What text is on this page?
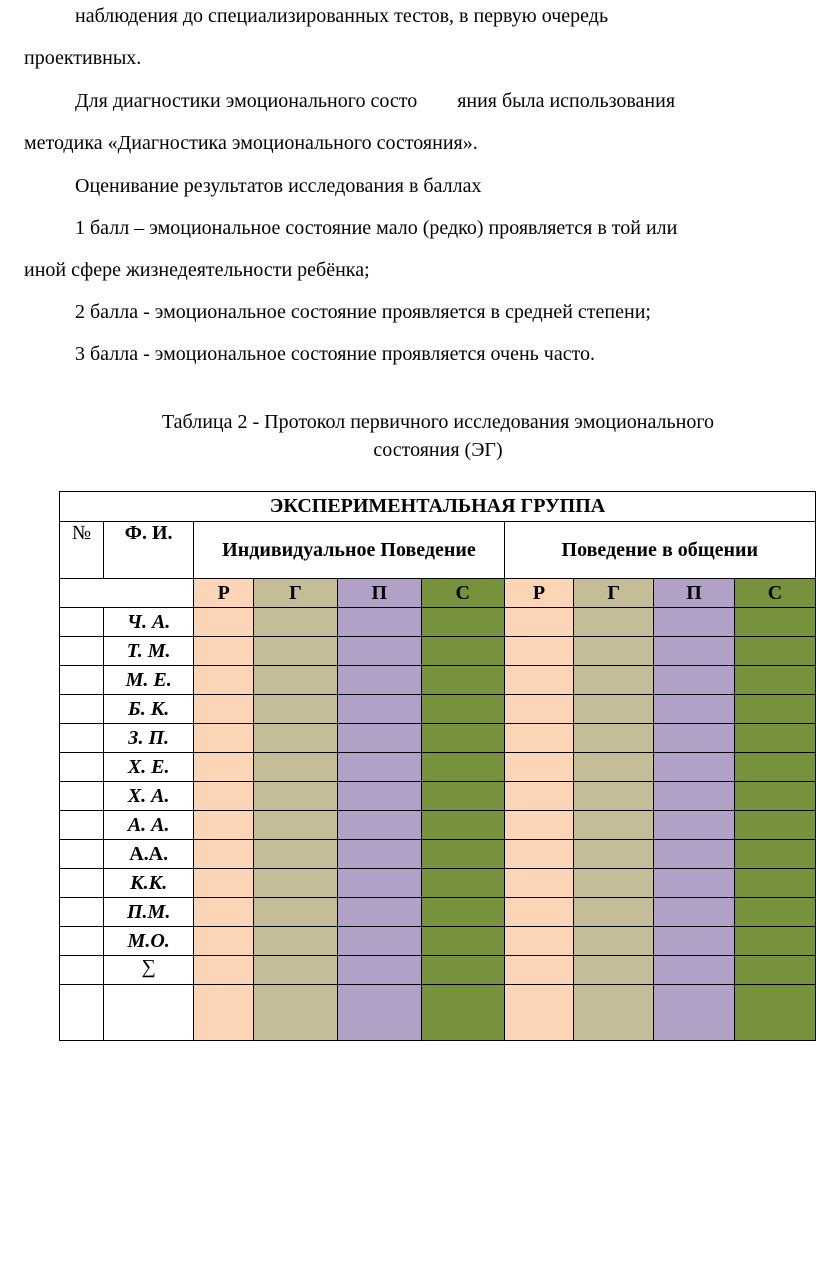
наблюдения до специализированных тестов, в первую очередь
проективных.
Для диагностики эмоционального состо яния была использования
методика «Диагностика эмоционального состояния».
Оценивание результатов исследования в баллах
1 балл – эмоциональное состояние мало (редко) проявляется в той или
иной сфере жизнедеятельности ребёнка;
2 балла - эмоциональное состояние проявляется в средней степени;
3 балла - эмоциональное состояние проявляется очень часто.
Таблица 2 - Протокол первичного исследования эмоционального
состояния (ЭГ)
ЭКСПЕРИМЕНТАЛЬНАЯ ГРУППА									
№	Ф. И.	Индивидуальное Поведение				Поведение в общении			
		Р	Г	П	С	Р	Г	П	С
	Ч. А.								
	Т. М.								
	М. Е.								
	Б. К.								
	З. П.								
	Х. Е.								
	Х. А.								
	А. А.								
	А.А.								
	К.К.								
	П.М.								
	М.О.								
	∑								
